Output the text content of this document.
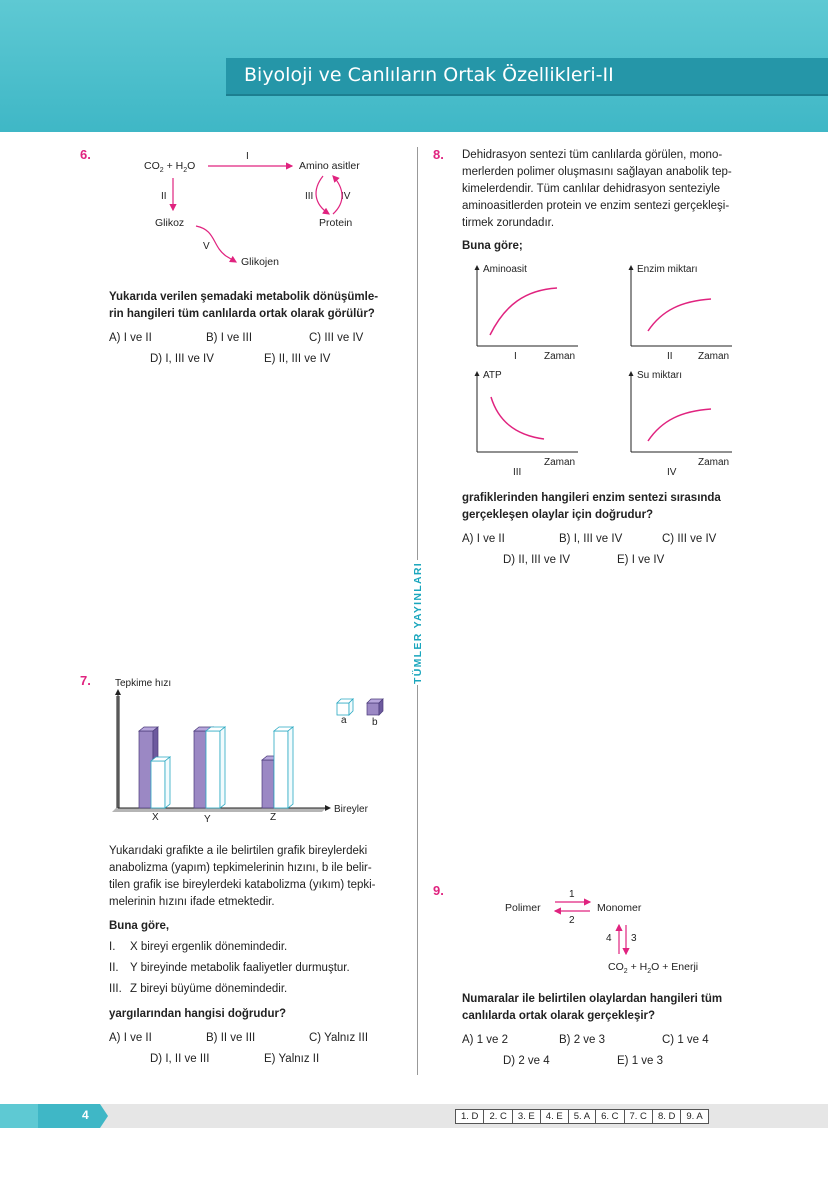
Biyoloji ve Canlıların Ortak Özellikleri-II
TÜMLER YAYINLARI
6.
$CO_2 + H_2O$	Amino asitler
Glikoz	Protein
Glikojen
I
II	III	IV
V
Yukarıda verilen şemadaki metabolik dönüşümle-
rin hangileri tüm canlılarda ortak olarak görülür?
A) I ve II	B) I ve III	C) III ve IV
D) I, III ve IV	E) II, III ve IV
7. Tepkime hızı
Bireyler
X	Y	Z
a	b
Yukarıdaki grafikte a ile belirtilen grafik bireylerdeki
anabolizma (yapım) tepkimelerinin hızını, b ile belir-
tilen grafik ise bireylerdeki katabolizma (yıkım) tepki-
melerinin hızını ifade etmektedir.
Buna göre,
I. X bireyi ergenlik dönemindedir.
II. Y bireyinde metabolik faaliyetler durmuştur.
III. Z bireyi büyüme dönemindedir.
yargılarından hangisi doğrudur?
A) I ve II	B) II ve III	C) Yalnız III
D) I, II ve III	E) Yalnız II
8. Dehidrasyon sentezi tüm canlılarda görülen, mono-
merlerden polimer oluşmasını sağlayan anabolik tep-
kimelerdendir. Tüm canlılar dehidrasyon senteziyle
aminoasitlerden protein ve enzim sentezi gerçekleşi-
tirmek zorundadır.
Buna göre;
Aminoasit
Zaman
I
Enzim miktarı
Zaman
II
ATP
Zaman
III
Su miktarı
Zaman
IV
grafiklerinden hangileri enzim sentezi sırasında
gerçekleşen olaylar için doğrudur?
A) I ve II	B) I, III ve IV	C) III ve IV
D) II, III ve IV	E) I ve IV
9.
Polimer	Monomer
1
2
4 3
$CO_2 + H_2O$ + Enerji
Numaralar ile belirtilen olaylardan hangileri tüm
canlılarda ortak olarak gerçekleşir?
A) 1 ve 2	B) 2 ve 3	C) 1 ve 4
D) 2 ve 4	E) 1 ve 3
4	1. D	2. C	3. E	4. E	5. A	6. C	7. C	8. D	9. A
